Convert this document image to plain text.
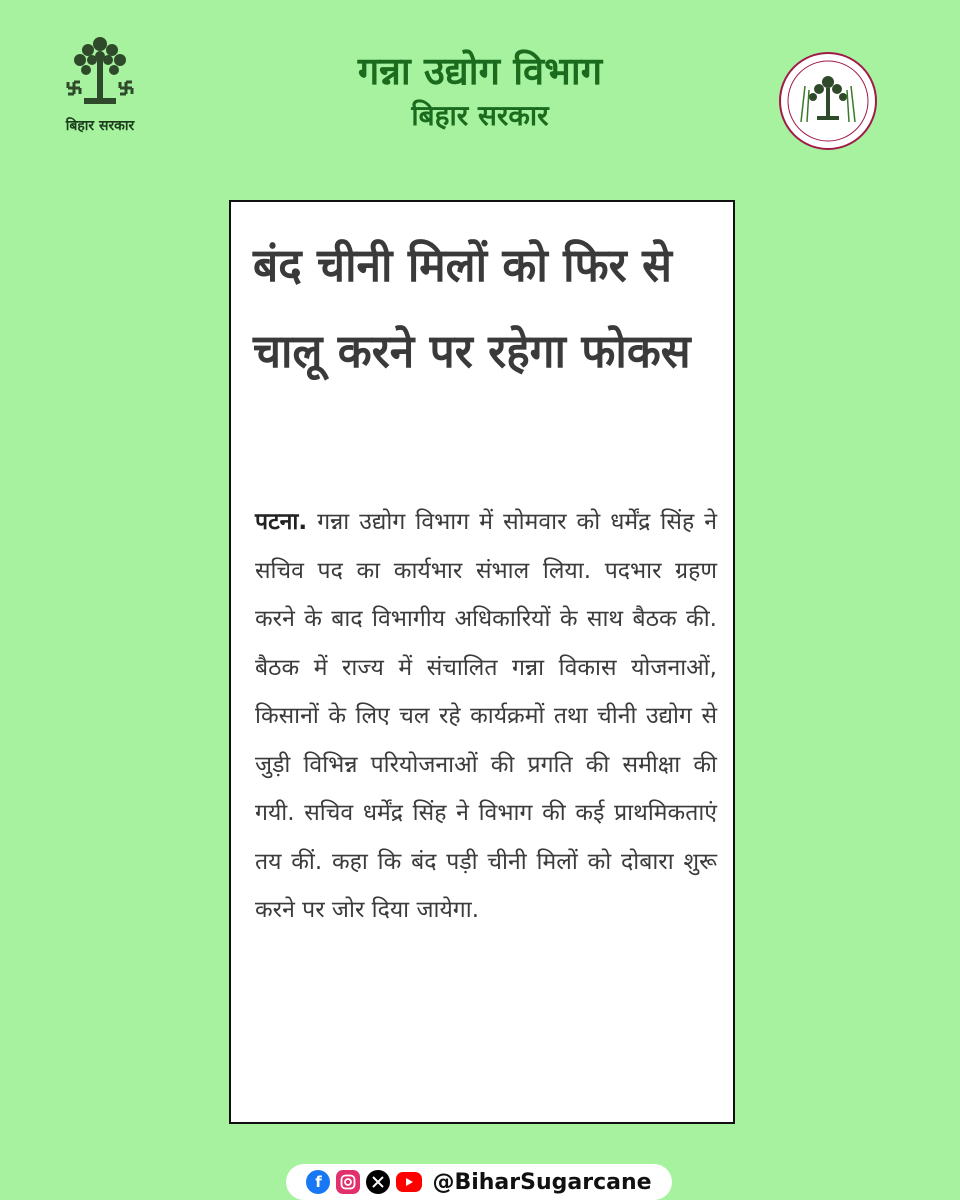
बिहार सरकार
गन्ना उद्योग विभाग
बिहार सरकार
बंद चीनी मिलों को फिर से चालू करने पर रहेगा फोकस
पटना. गन्ना उद्योग विभाग में सोमवार को धर्मेंद्र सिंह ने सचिव पद का कार्यभार संभाल लिया. पदभार ग्रहण करने के बाद विभागीय अधिकारियों के साथ बैठक की. बैठक में राज्य में संचालित गन्ना विकास योजनाओं, किसानों के लिए चल रहे कार्यक्रमों तथा चीनी उद्योग से जुड़ी विभिन्न परियोजनाओं की प्रगति की समीक्षा की गयी. सचिव धर्मेंद्र सिंह ने विभाग की कई प्राथमिकताएं तय कीं. कहा कि बंद पड़ी चीनी मिलों को दोबारा शुरू करने पर जोर दिया जायेगा.
f	@BiharSugarcane
